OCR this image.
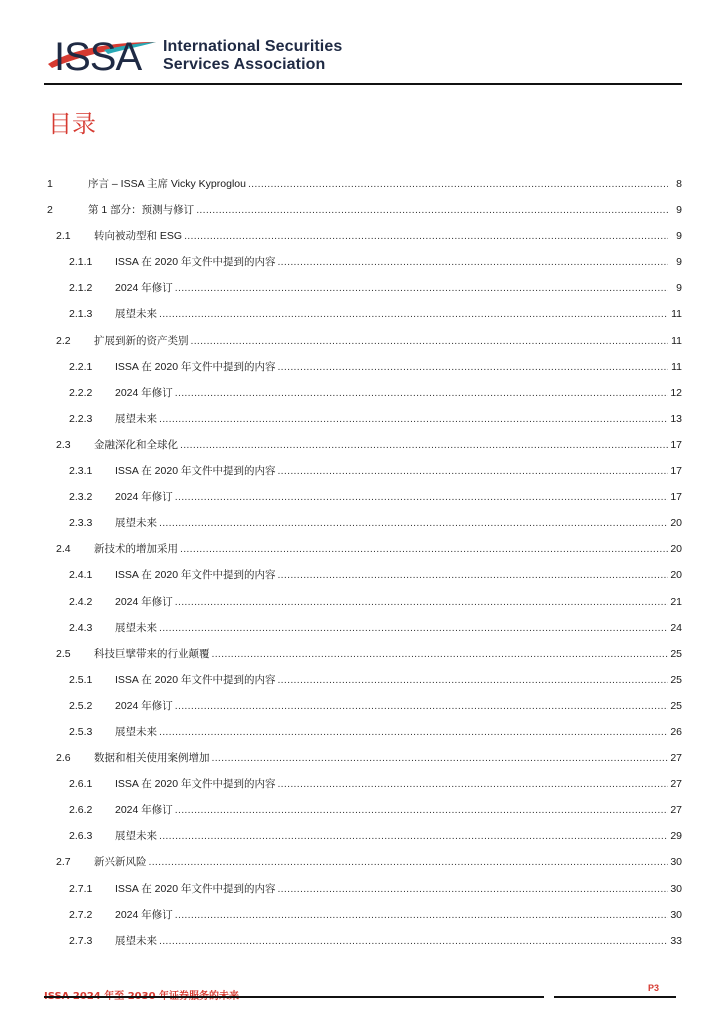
ISSA International Securities
Services Association
目录
1	序言 – ISSA 主席 Vicky Kyproglou .....	8
2	第 1 部分：预测与修订 .....	9
2.1	转向被动型和 ESG .....	9
2.1.1	ISSA 在 2020 年文件中提到的内容 .....	9
2.1.2	2024 年修订 .....	9
2.1.3	展望未来 .....	11
2.2	扩展到新的资产类别 .....	11
2.2.1	ISSA 在 2020 年文件中提到的内容 .....	11
2.2.2	2024 年修订 .....	12
2.2.3	展望未来 .....	13
2.3	金融深化和全球化 .....	17
2.3.1	ISSA 在 2020 年文件中提到的内容 .....	17
2.3.2	2024 年修订 .....	17
2.3.3	展望未来 .....	20
2.4	新技术的增加采用 .....	20
2.4.1	ISSA 在 2020 年文件中提到的内容 .....	20
2.4.2	2024 年修订 .....	21
2.4.3	展望未来 .....	24
2.5	科技巨擘带来的行业颠覆 .....	25
2.5.1	ISSA 在 2020 年文件中提到的内容 .....	25
2.5.2	2024 年修订 .....	25
2.5.3	展望未来 .....	26
2.6	数据和相关使用案例增加 .....	27
2.6.1	ISSA 在 2020 年文件中提到的内容 .....	27
2.6.2	2024 年修订 .....	27
2.6.3	展望未来 .....	29
2.7	新兴新风险 .....	30
2.7.1	ISSA 在 2020 年文件中提到的内容 .....	30
2.7.2	2024 年修订 .....	30
2.7.3	展望未来 .....	33
P3
